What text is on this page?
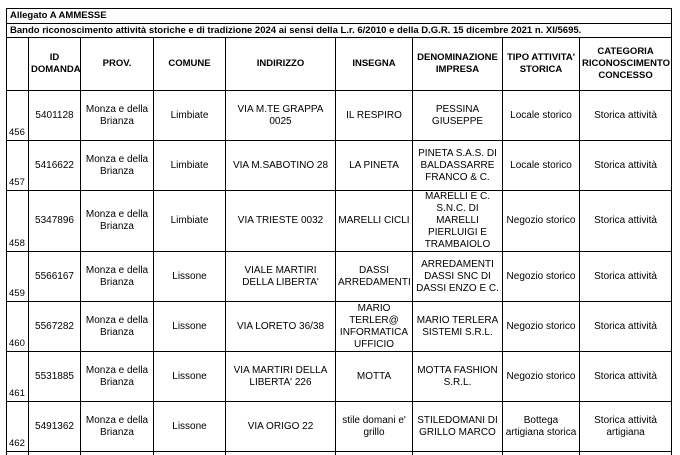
Allegato A AMMESSE								
Bando riconoscimento attività storiche e di tradizione 2024 ai sensi della L.r. 6/2010 e della D.G.R. 15 dicembre 2021 n. XI/5695.								
	ID DOMANDA	PROV.	COMUNE	INDIRIZZO	INSEGNA	DENOMINAZIONE IMPRESA	TIPO ATTIVITA' STORICA	CATEGORIA RICONOSCIMENTO CONCESSO
456	5401128	Monza e della Brianza	Limbiate	VIA M.TE GRAPPA 0025	IL RESPIRO	PESSINA GIUSEPPE	Locale storico	Storica attività
457	5416622	Monza e della Brianza	Limbiate	VIA M.SABOTINO 28	LA PINETA	PINETA S.A.S. DI BALDASSARRE FRANCO & C.	Locale storico	Storica attività
458	5347896	Monza e della Brianza	Limbiate	VIA TRIESTE 0032	MARELLI CICLI	MARELLI E C. S.N.C. DI MARELLI PIERLUIGI E TRAMBAIOLO	Negozio storico	Storica attività
459	5566167	Monza e della Brianza	Lissone	VIALE MARTIRI DELLA LIBERTA'	DASSI ARREDAMENTI	ARREDAMENTI DASSI SNC DI DASSI ENZO E C.	Negozio storico	Storica attività
460	5567282	Monza e della Brianza	Lissone	VIA LORETO 36/38	MARIO TERLER@ INFORMATICA UFFICIO	MARIO TERLERA SISTEMI S.R.L.	Negozio storico	Storica attività
461	5531885	Monza e della Brianza	Lissone	VIA MARTIRI DELLA LIBERTA' 226	MOTTA	MOTTA FASHION S.R.L.	Negozio storico	Storica attività
462	5491362	Monza e della Brianza	Lissone	VIA ORIGO 22	stile domani e' grillo	STILEDOMANI DI GRILLO MARCO	Bottega artigiana storica	Storica attività artigiana
